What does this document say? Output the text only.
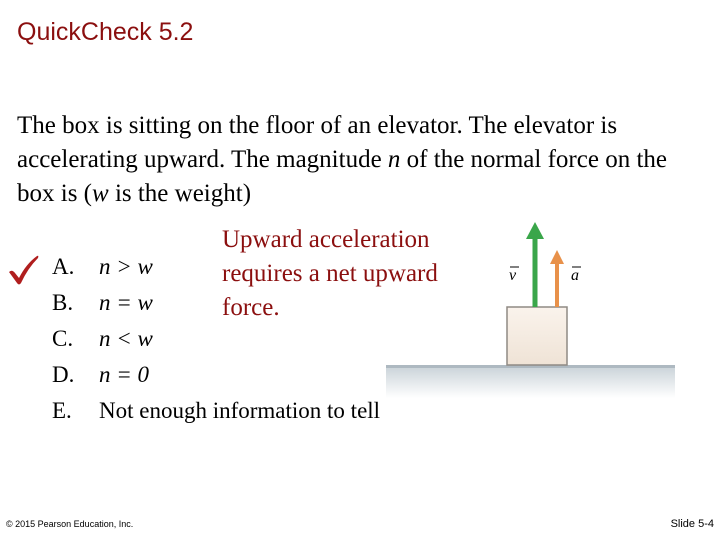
QuickCheck 5.2
The box is sitting on the floor of an elevator. The elevator is accelerating upward. The magnitude n of the normal force on the box is (w is the weight)
A.	n > w
B.	n = w
C.	n < w
D.	n = 0
E.	Not enough information to tell
Upward acceleration
requires a net upward
force.
v	a
© 2015 Pearson Education, Inc.	Slide 5-4
